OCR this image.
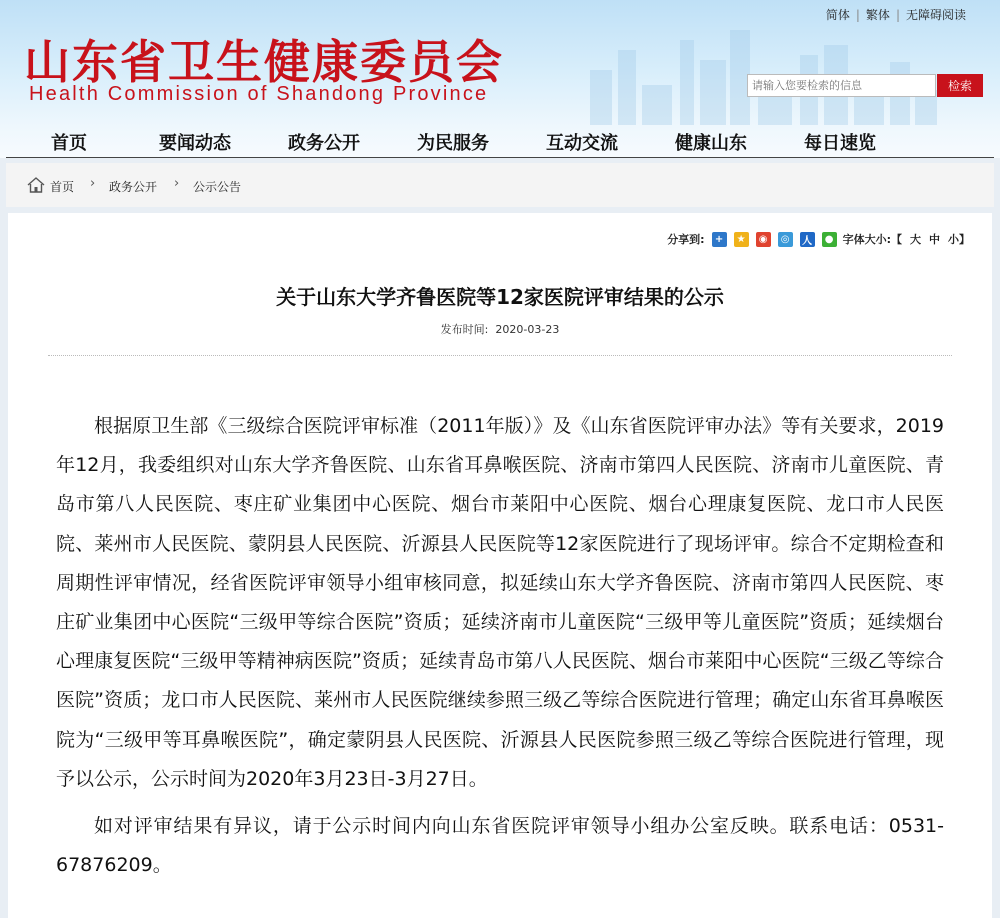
山东省卫生健康委员会
Health Commission of Shandong Province
简体 | 繁体 | 无障碍阅读
请输入您要检索的信息
检索
首页	要闻动态	政务公开	为民服务	互动交流	健康山东	每日速览
首页 › 政务公开 › 公示公告
分享到:	+	★	◉	◎	人	● 字体大小: 【 大 中 小 】
关于山东大学齐鲁医院等12家医院评审结果的公示
发布时间: 2020-03-23

根据原卫生部《三级综合医院评审标准（2011年版）》及《山东省医院评审办法》等有关要求，2019年12月，我委组织对山东大学齐鲁医院、山东省耳鼻喉医院、济南市第四人民医院、济南市儿童医院、青岛市第八人民医院、枣庄矿业集团中心医院、烟台市莱阳中心医院、烟台心理康复医院、龙口市人民医院、莱州市人民医院、蒙阴县人民医院、沂源县人民医院等12家医院进行了现场评审。综合不定期检查和周期性评审情况，经省医院评审领导小组审核同意，拟延续山东大学齐鲁医院、济南市第四人民医院、枣庄矿业集团中心医院“三级甲等综合医院”资质；延续济南市儿童医院“三级甲等儿童医院”资质；延续烟台心理康复医院“三级甲等精神病医院”资质；延续青岛市第八人民医院、烟台市莱阳中心医院“三级乙等综合医院”资质；龙口市人民医院、莱州市人民医院继续参照三级乙等综合医院进行管理；确定山东省耳鼻喉医院为“三级甲等耳鼻喉医院”，确定蒙阴县人民医院、沂源县人民医院参照三级乙等综合医院进行管理，现予以公示，公示时间为2020年3月23日-3月27日。

如对评审结果有异议，请于公示时间内向山东省医院评审领导小组办公室反映。联系电话：0531-67876209。
